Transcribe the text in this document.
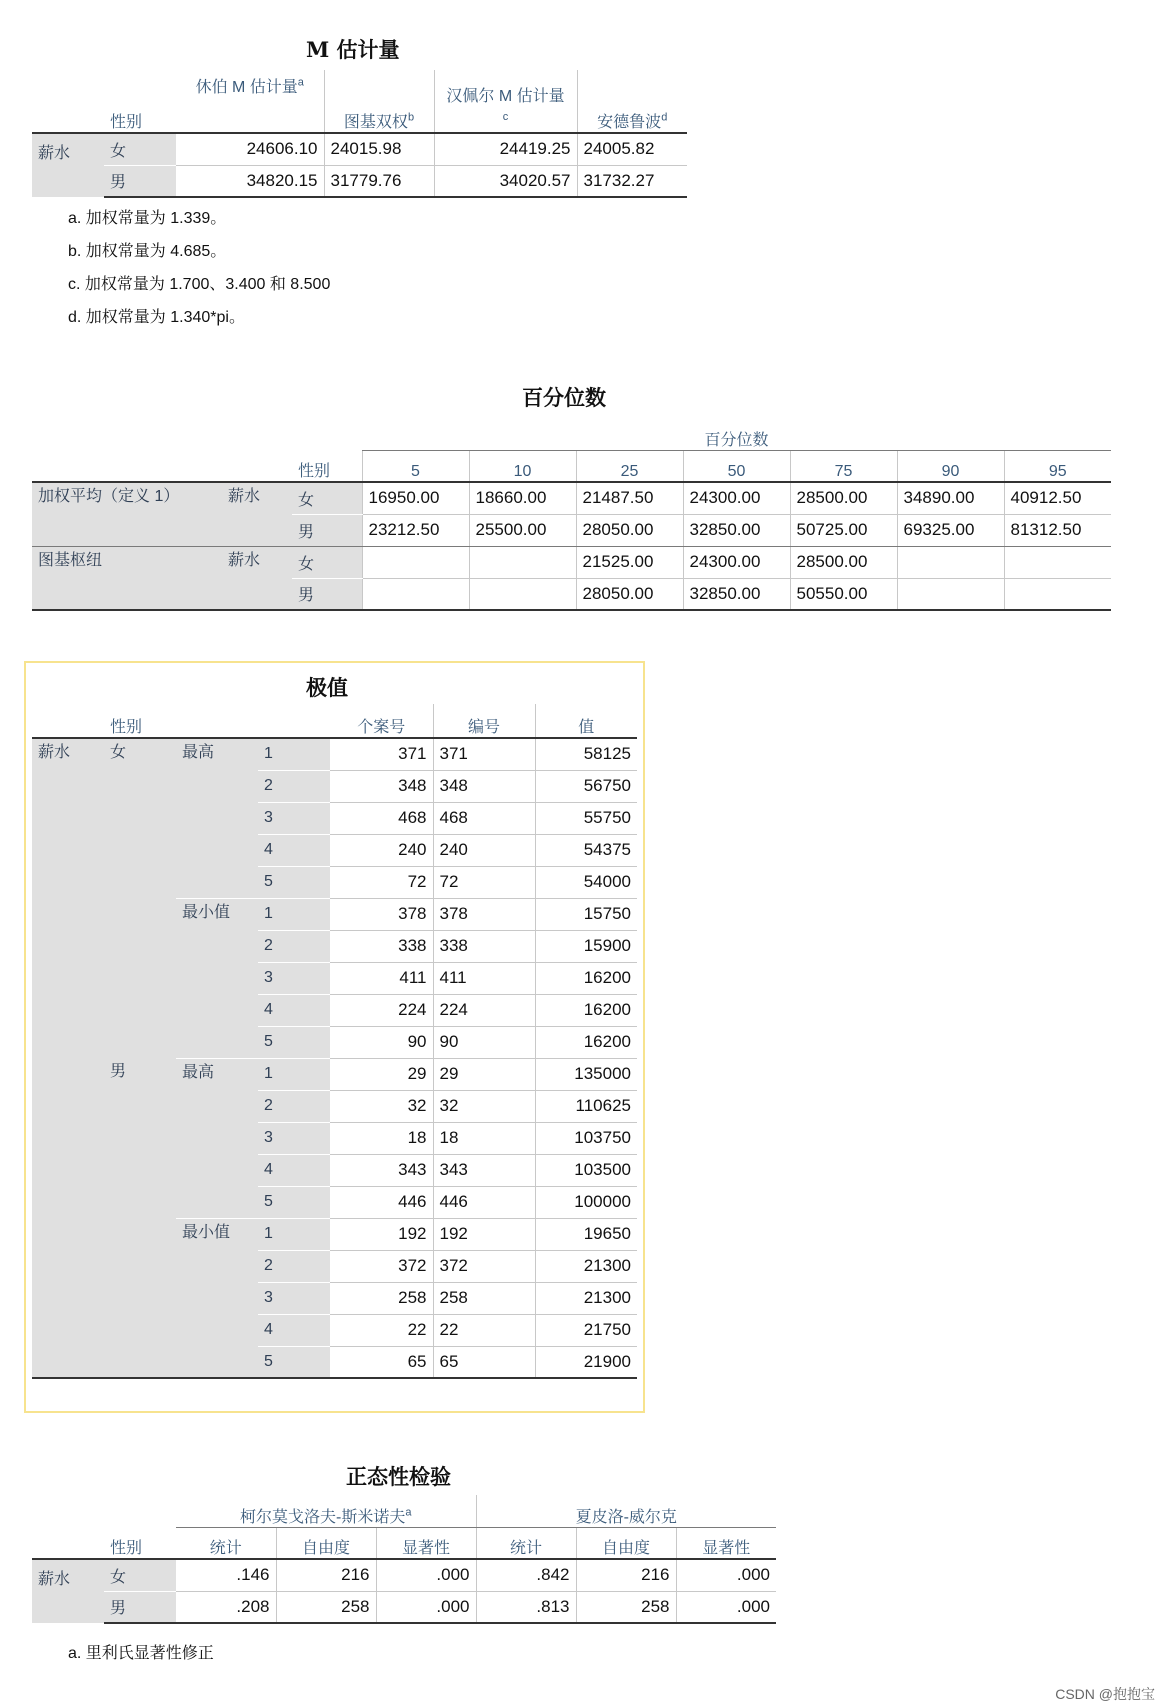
M 估计量
	性别	休伯 M 估计量$^a$	图基双权$^b$	汉佩尔 M 估计量$^c$	安德鲁波$^d$
薪水	女	24606.10	24015.98	24419.25	24005.82
	男	34820.15	31779.76	34020.57	31732.27
a. 加权常量为 1.339。
b. 加权常量为 4.685。
c. 加权常量为 1.700、3.400 和 8.500
d. 加权常量为 1.340*pi。
百分位数
			百分位数						
		性别	5	10	25	50	75	90	95
加权平均（定义 1）	薪水	女	16950.00	18660.00	21487.50	24300.00	28500.00	34890.00	40912.50
		男	23212.50	25500.00	28050.00	32850.00	50725.00	69325.00	81312.50
图基枢纽	薪水	女			21525.00	24300.00	28500.00		
		男			28050.00	32850.00	50550.00		
极值
	性别			个案号	编号	值
薪水	女	最高	1	371	371	58125
			2	348	348	56750
			3	468	468	55750
			4	240	240	54375
			5	72	72	54000
		最小值	1	378	378	15750
			2	338	338	15900
			3	411	411	16200
			4	224	224	16200
			5	90	90	16200
	男	最高	1	29	29	135000
			2	32	32	110625
			3	18	18	103750
			4	343	343	103500
			5	446	446	100000
		最小值	1	192	192	19650
			2	372	372	21300
			3	258	258	21300
			4	22	22	21750
			5	65	65	21900
正态性检验
		柯尔莫戈洛夫-斯米诺夫$^a$			夏皮洛-威尔克		
	性别	统计	自由度	显著性	统计	自由度	显著性
薪水	女	.146	216	.000	.842	216	.000
	男	.208	258	.000	.813	258	.000
a. 里利氏显著性修正
CSDN @抱抱宝
